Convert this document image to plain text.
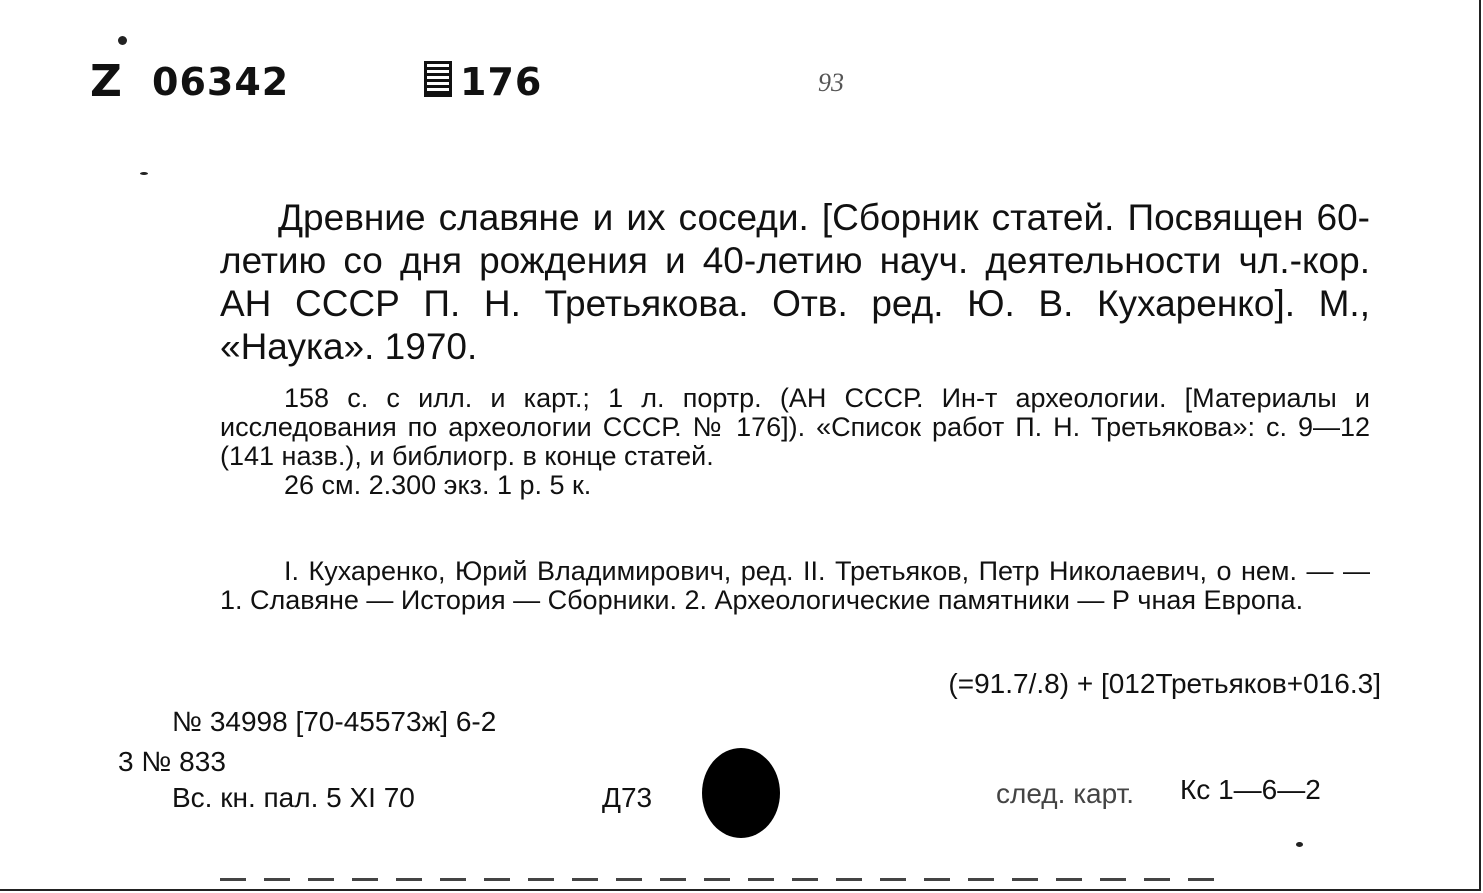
Z 06342	176	93
Древние славяне и их соседи. [Сборник статей. Посвящен 60-летию со дня рождения и 40-летию науч. деятельности чл.-кор. АН СССР П. Н. Третьякова. Отв. ред. Ю. В. Кухаренко]. М., «Наука». 1970.

158 с. с илл. и карт.; 1 л. портр. (АН СССР. Ин-т археологии. [Материалы и исследования по археологии СССР. № 176]). «Список работ П. Н. Третьякова»: с. 9—12 (141 назв.), и библиогр. в конце статей.

26 см. 2.300 экз. 1 р. 5 к.

I. Кухаренко, Юрий Владимирович, ред. II. Третьяков, Петр Николаевич, о нем. — — 1. Славяне — История — Сборники. 2. Археологические памятники — Р чная Европа.

(=91.7/.8) + [012Третьяков+016.3]
№ 34998 [70-45573ж] 6-2
3 № 833
Вс. кн. пал. 5 XI 70	Д73	след. карт. Кс 1—6—2
